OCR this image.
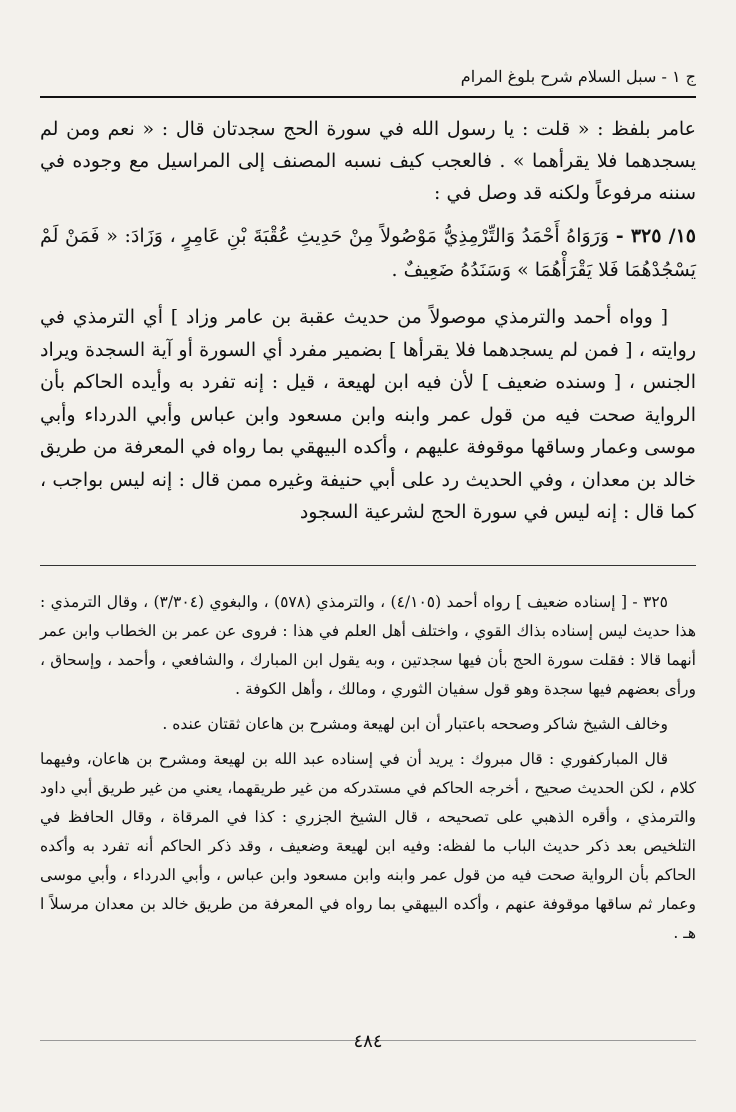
ج ١ - سبل السلام شرح بلوغ المرام

عامر بلفظ : « قلت : يا رسول الله في سورة الحج سجدتان قال : « نعم ومن لم يسجدهما فلا يقرأهما » . فالعجب كيف نسبه المصنف إلى المراسيل مع وجوده في سننه مرفوعاً ولكنه قد وصل في :

١٥/ ٣٢٥ - وَرَوَاهُ أَحْمَدُ وَالتِّرْمِذِيُّ مَوْصُولاً مِنْ حَدِيثِ عُقْبَةَ بْنِ عَامِرٍ ، وَزَادَ: « فَمَنْ لَمْ يَسْجُدْهُمَا فَلا يَقْرَأْهُمَا » وَسَنَدُهُ ضَعِيفٌ .

[ وواه أحمد والترمذي موصولاً من حديث عقبة بن عامر وزاد ] أي الترمذي في روايته ، [ فمن لم يسجدهما فلا يقرأها ] بضمير مفرد أي السورة أو آية السجدة ويراد الجنس ، [ وسنده ضعيف ] لأن فيه ابن لهيعة ، قيل : إنه تفرد به وأيده الحاكم بأن الرواية صحت فيه من قول عمر وابنه وابن مسعود وابن عباس وأبي الدرداء وأبي موسى وعمار وساقها موقوفة عليهم ، وأكده البيهقي بما رواه في المعرفة من طريق خالد بن معدان ، وفي الحديث رد على أبي حنيفة وغيره ممن قال : إنه ليس بواجب ، كما قال : إنه ليس في سورة الحج لشرعية السجود

٣٢٥ - [ إسناده ضعيف ] رواه أحمد (٤/١٠٥) ، والترمذي (٥٧٨) ، والبغوي (٣/٣٠٤) ، وقال الترمذي : هذا حديث ليس إسناده بذاك القوي ، واختلف أهل العلم في هذا : فروى عن عمر بن الخطاب وابن عمر أنهما قالا : فقلت سورة الحج بأن فيها سجدتين ، وبه يقول ابن المبارك ، والشافعي ، وأحمد ، وإسحاق ، ورأى بعضهم فيها سجدة وهو قول سفيان الثوري ، ومالك ، وأهل الكوفة .

وخالف الشيخ شاكر وصححه باعتبار أن ابن لهيعة ومشرح بن هاعان ثقتان عنده .

قال المباركفوري : قال مبروك : يريد أن في إسناده عبد الله بن لهيعة ومشرح بن هاعان، وفيهما كلام ، لكن الحديث صحيح ، أخرجه الحاكم في مستدركه من غير طريقهما، يعني من غير طريق أبي داود والترمذي ، وأقره الذهبي على تصحيحه ، قال الشيخ الجزري : كذا في المرقاة ، وقال الحافظ في التلخيص بعد ذكر حديث الباب ما لفظه: وفيه ابن لهيعة وضعيف ، وقد ذكر الحاكم أنه تفرد به وأكده الحاكم بأن الرواية صحت فيه من قول عمر وابنه وابن مسعود وابن عباس ، وأبي الدرداء ، وأبي موسى وعمار ثم ساقها موقوفة عنهم ، وأكده البيهقي بما رواه في المعرفة من طريق خالد بن معدان مرسلاً ا هـ .

٤٨٤
